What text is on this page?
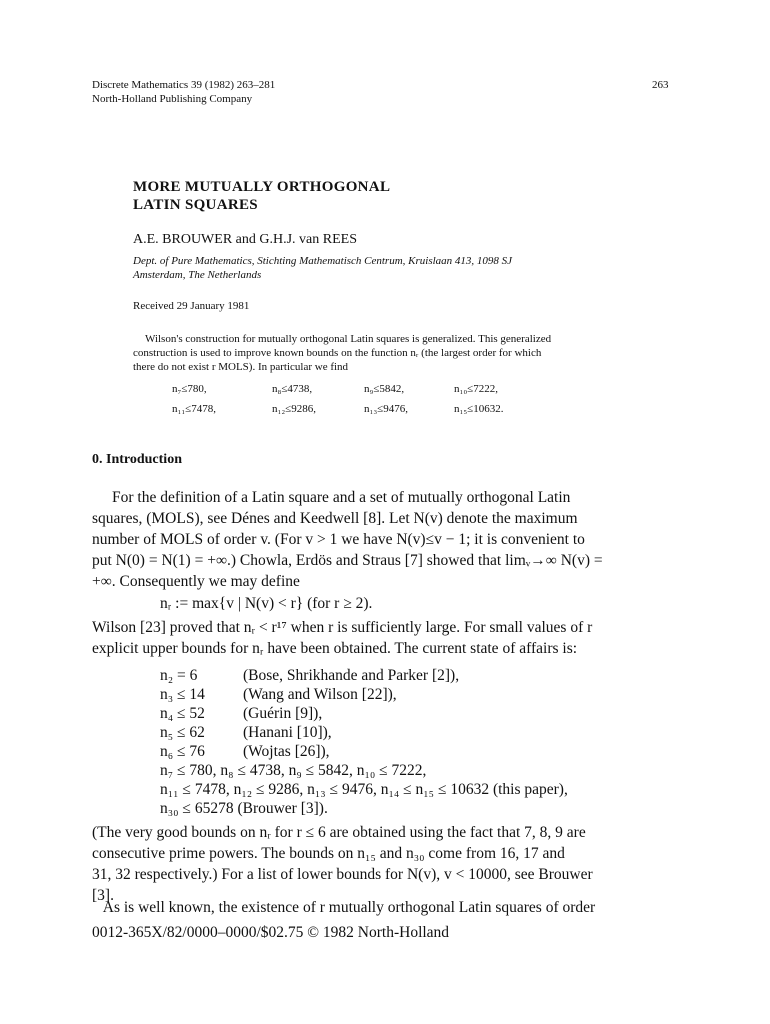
Discrete Mathematics 39 (1982) 263–281
North-Holland Publishing Company
263
MORE MUTUALLY ORTHOGONAL
LATIN SQUARES
A.E. BROUWER and G.H.J. van REES
Dept. of Pure Mathematics, Stichting Mathematisch Centrum, Kruislaan 413, 1098 SJ
Amsterdam, The Netherlands
Received 29 January 1981
Wilson's construction for mutually orthogonal Latin squares is generalized. This generalized
construction is used to improve known bounds on the function nᵣ (the largest order for which
there do not exist r MOLS). In particular we find
n₇≤780,	n₈≤4738,	n₉≤5842,	n₁₀≤7222,
n₁₁≤7478,	n₁₂≤9286,	n₁₃≤9476,	n₁₅≤10632.
0. Introduction
For the definition of a Latin square and a set of mutually orthogonal Latin
squares, (MOLS), see Dénes and Keedwell [8]. Let N(v) denote the maximum
number of MOLS of order v. (For v > 1 we have N(v)≤v − 1; it is convenient to
put N(0) = N(1) = +∞.) Chowla, Erdös and Straus [7] showed that limᵥ→∞ N(v) =
+∞. Consequently we may define
nᵣ := max{v | N(v) < r} (for r ≥ 2).
Wilson [23] proved that nᵣ < r¹⁷ when r is sufficiently large. For small values of r
explicit upper bounds for nᵣ have been obtained. The current state of affairs is:
n₂ = 6	(Bose, Shrikhande and Parker [2]),
n₃ ≤ 14 (Wang and Wilson [22]),
n₄ ≤ 52 (Guérin [9]),
n₅ ≤ 62 (Hanani [10]),
n₆ ≤ 76 (Wojtas [26]),
n₇ ≤ 780, n₈ ≤ 4738, n₉ ≤ 5842, n₁₀ ≤ 7222,
n₁₁ ≤ 7478, n₁₂ ≤ 9286, n₁₃ ≤ 9476, n₁₄ ≤ n₁₅ ≤ 10632 (this paper),
n₃₀ ≤ 65278 (Brouwer [3]).
(The very good bounds on nᵣ for r ≤ 6 are obtained using the fact that 7, 8, 9 are
consecutive prime powers. The bounds on n₁₅ and n₃₀ come from 16, 17 and
31, 32 respectively.) For a list of lower bounds for N(v), v < 10000, see Brouwer
[3].
As is well known, the existence of r mutually orthogonal Latin squares of order
0012-365X/82/0000–0000/$02.75 © 1982 North-Holland
